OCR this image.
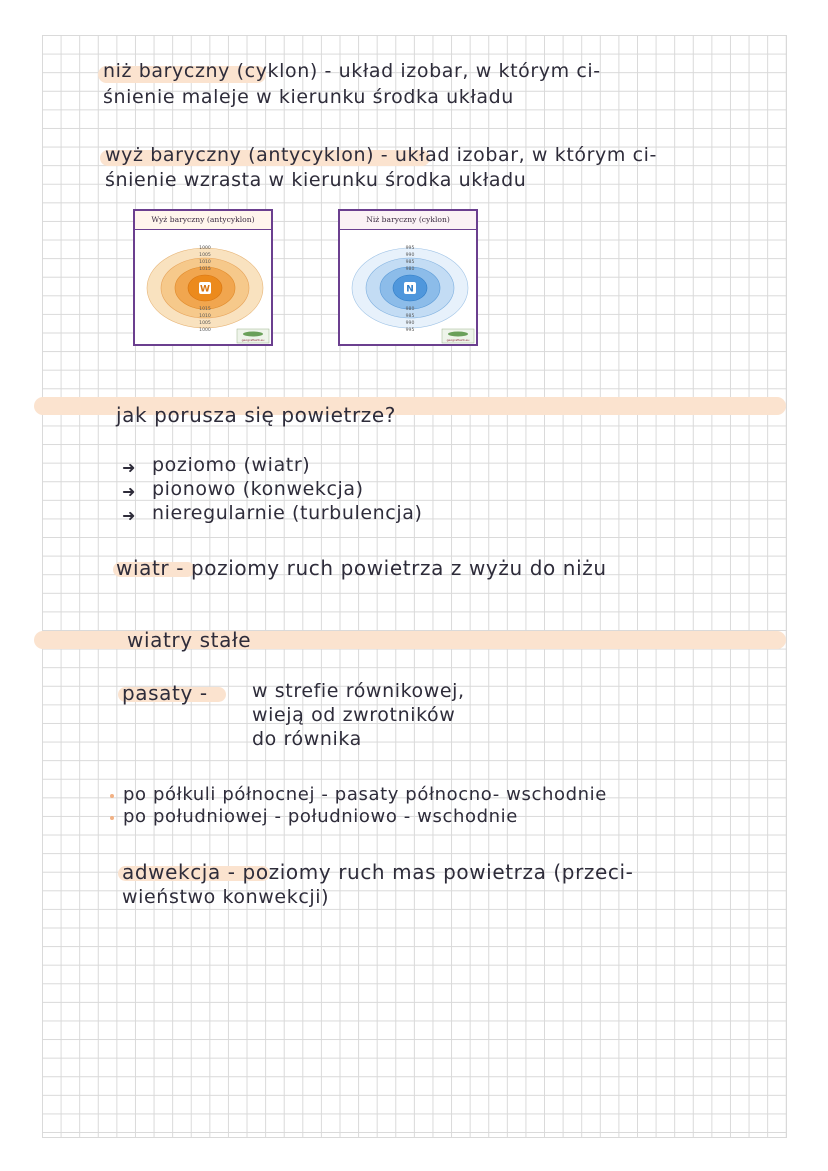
niż baryczny (cyklon) - układ izobar, w którym ci-
śnienie maleje w kierunku środka układu
wyż baryczny (antycyklon) - układ izobar, w którym ci-
śnienie wzrasta w kierunku środka układu
Wyż baryczny (antycyklon)
W
1000
1005
1010
1015
1015
1010
1005
1000
geografia24.eu
Niż baryczny (cyklon)
N
995
990
985
980
980
985
990
995
geografia24.eu
jak porusza się powietrze?
➜ poziomo (wiatr)
➜ pionowo (konwekcja)
➜ nieregularnie (turbulencja)
wiatr - poziomy ruch powietrza z wyżu do niżu
wiatry stałe
pasaty - w strefie równikowej,
wieją od zwrotników
do równika
po półkuli północnej - pasaty północno- wschodnie
po południowej - południowo - wschodnie
adwekcja - poziomy ruch mas powietrza (przeci-
wieństwo konwekcji)
